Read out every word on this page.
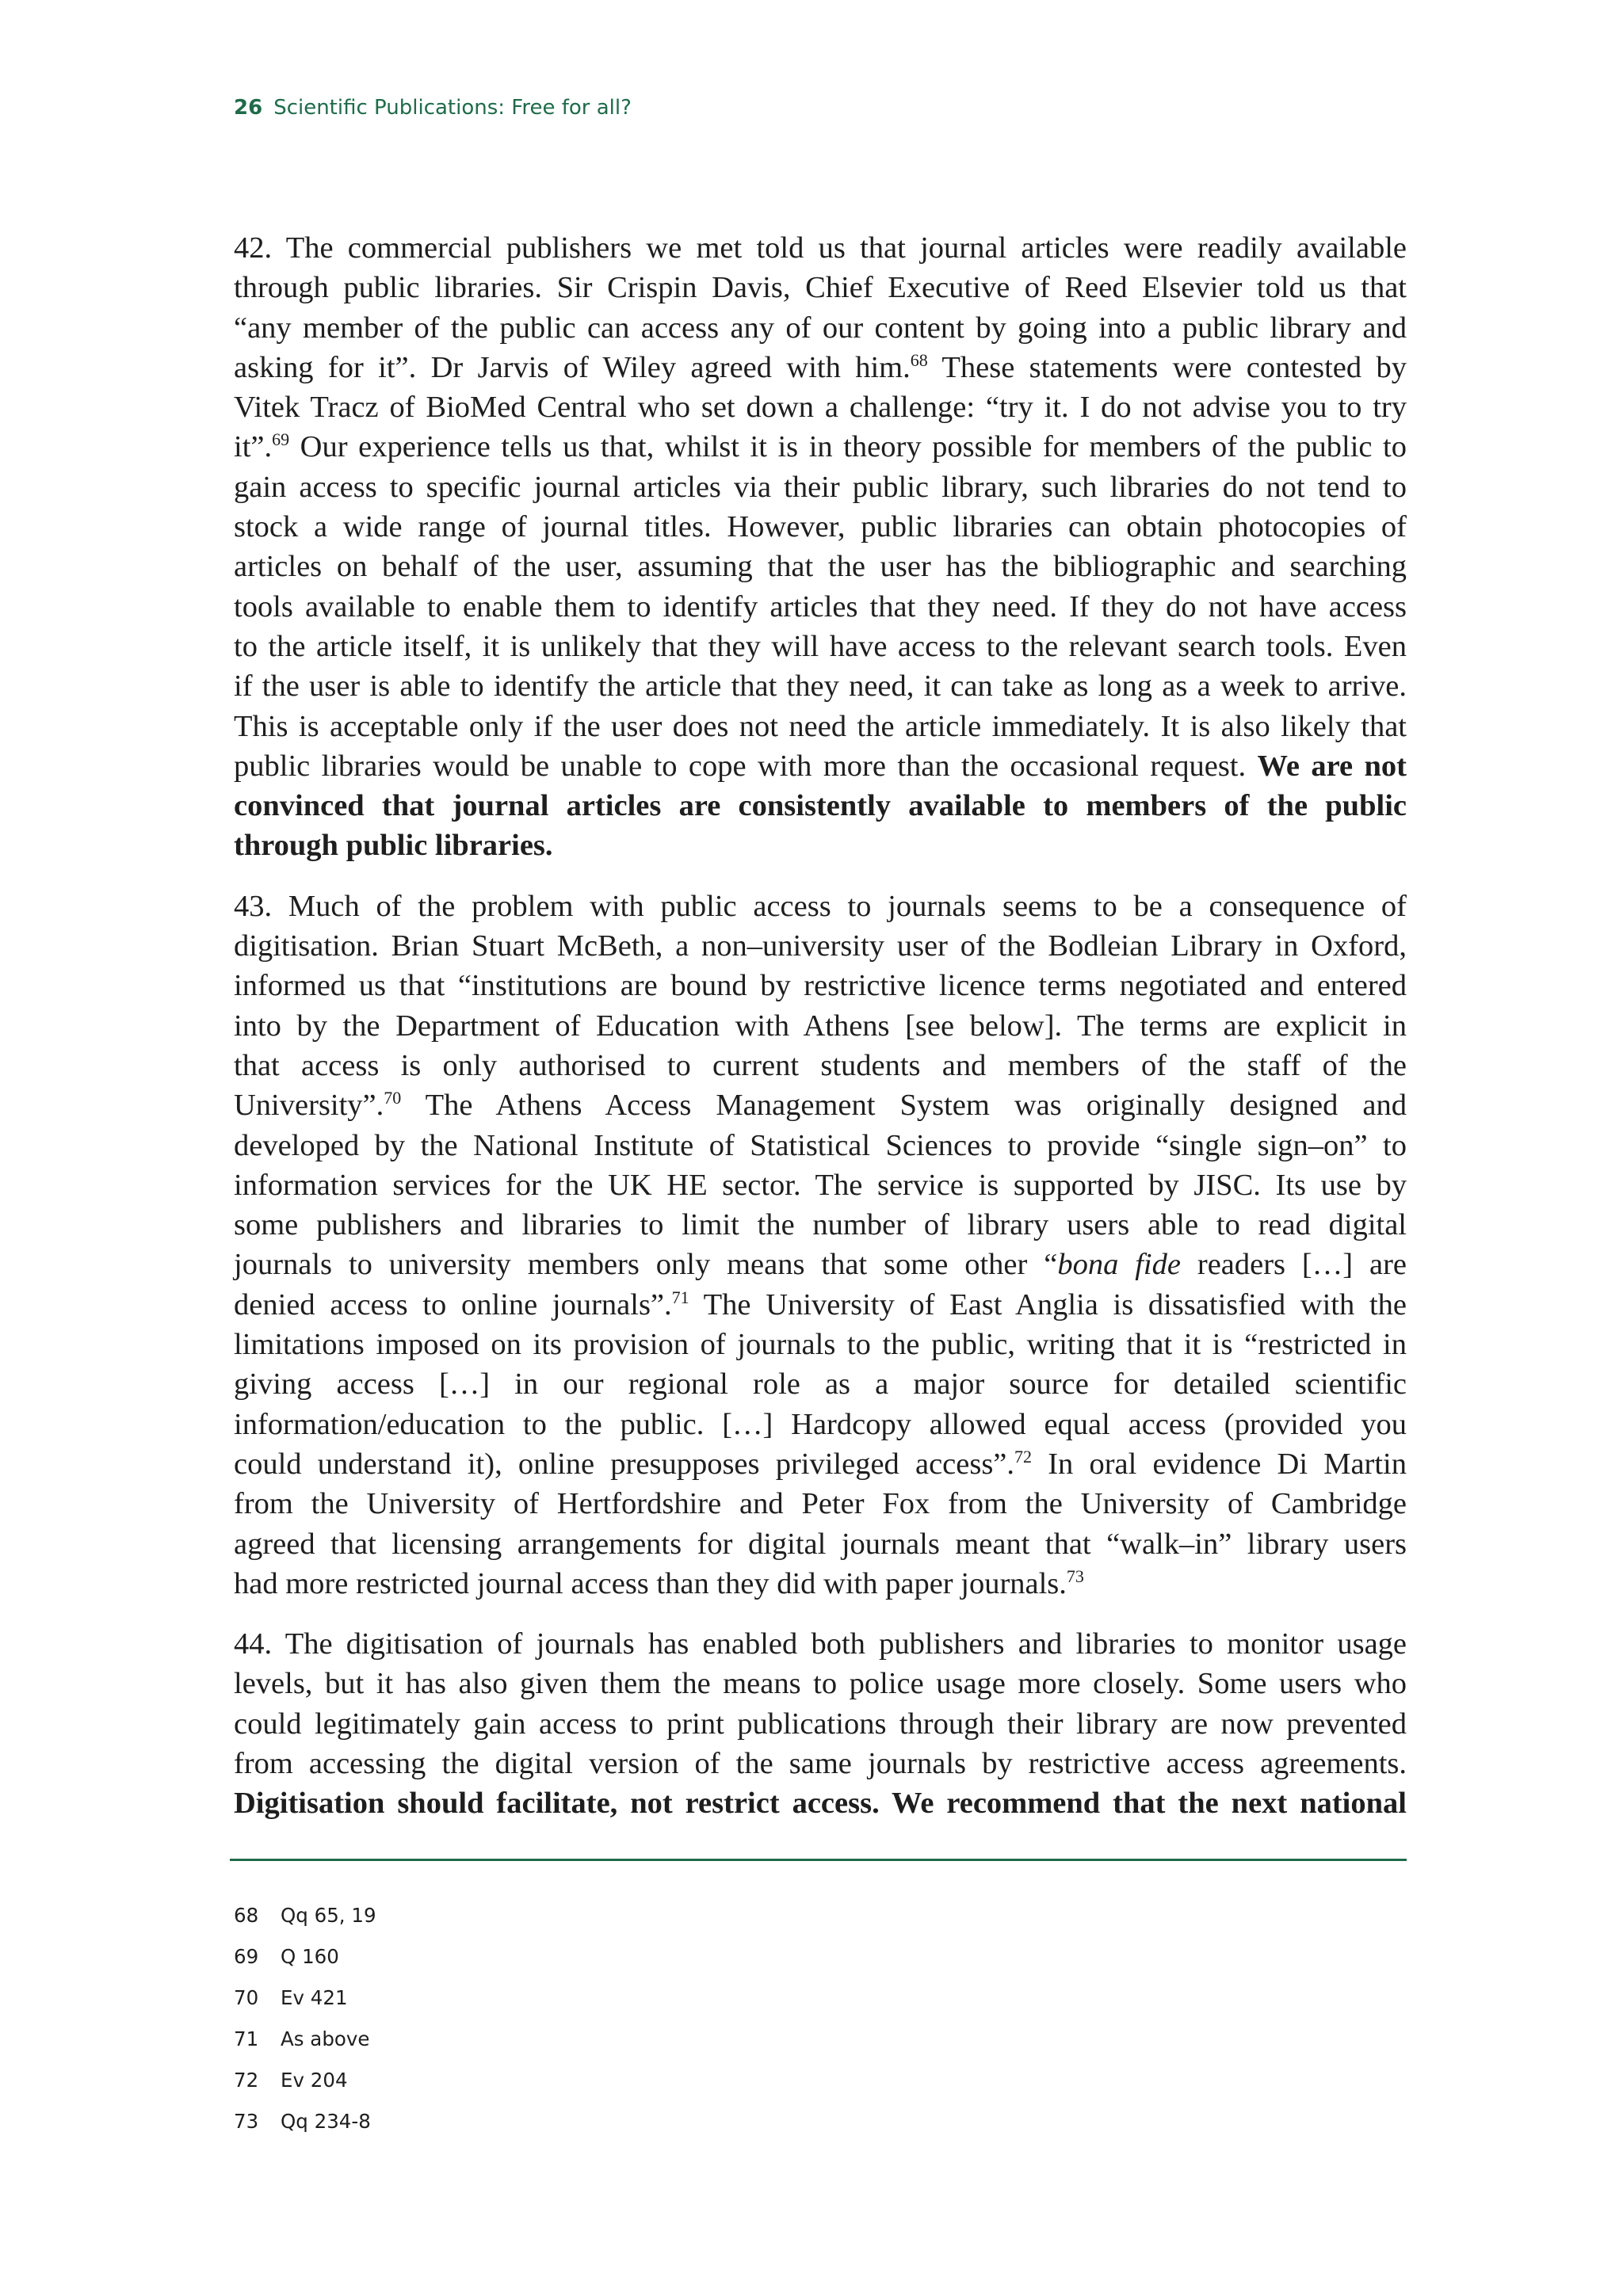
26 Scientific Publications: Free for all?

42. The commercial publishers we met told us that journal articles were readily available
through public libraries. Sir Crispin Davis, Chief Executive of Reed Elsevier told us that
“any member of the public can access any of our content by going into a public library and
asking for it”. Dr Jarvis of Wiley agreed with him.$^{68}$ These statements were contested by
Vitek Tracz of BioMed Central who set down a challenge: “try it. I do not advise you to try
it”.$^{69}$ Our experience tells us that, whilst it is in theory possible for members of the public to
gain access to specific journal articles via their public library, such libraries do not tend to
stock a wide range of journal titles. However, public libraries can obtain photocopies of
articles on behalf of the user, assuming that the user has the bibliographic and searching
tools available to enable them to identify articles that they need. If they do not have access
to the article itself, it is unlikely that they will have access to the relevant search tools. Even
if the user is able to identify the article that they need, it can take as long as a week to arrive.
This is acceptable only if the user does not need the article immediately. It is also likely that
public libraries would be unable to cope with more than the occasional request. We are not
convinced that journal articles are consistently available to members of the public
through public libraries.

43. Much of the problem with public access to journals seems to be a consequence of
digitisation. Brian Stuart McBeth, a non–university user of the Bodleian Library in Oxford,
informed us that “institutions are bound by restrictive licence terms negotiated and entered
into by the Department of Education with Athens [see below]. The terms are explicit in
that access is only authorised to current students and members of the staff of the
University”.$^{70}$ The Athens Access Management System was originally designed and
developed by the National Institute of Statistical Sciences to provide “single sign–on” to
information services for the UK HE sector. The service is supported by JISC. Its use by
some publishers and libraries to limit the number of library users able to read digital
journals to university members only means that some other “bona fide readers […] are
denied access to online journals”.$^{71}$ The University of East Anglia is dissatisfied with the
limitations imposed on its provision of journals to the public, writing that it is “restricted in
giving access […] in our regional role as a major source for detailed scientific
information/education to the public. […] Hardcopy allowed equal access (provided you
could understand it), online presupposes privileged access”.$^{72}$ In oral evidence Di Martin
from the University of Hertfordshire and Peter Fox from the University of Cambridge
agreed that licensing arrangements for digital journals meant that “walk–in” library users
had more restricted journal access than they did with paper journals.$^{73}$

44. The digitisation of journals has enabled both publishers and libraries to monitor usage
levels, but it has also given them the means to police usage more closely. Some users who
could legitimately gain access to print publications through their library are now prevented
from accessing the digital version of the same journals by restrictive access agreements.
Digitisation should facilitate, not restrict access. We recommend that the next national

68	Qq 65, 19
69	Q 160
70	Ev 421
71	As above
72	Ev 204
73	Qq 234-8
